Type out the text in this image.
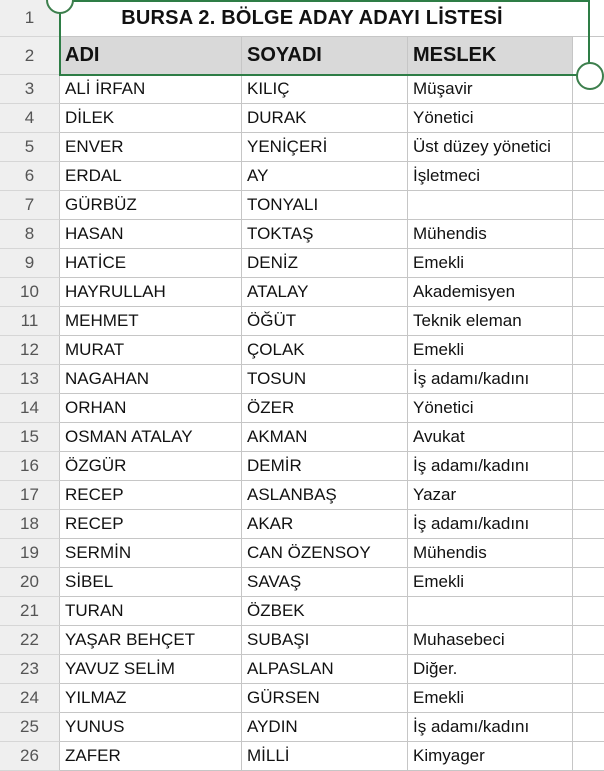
1	BURSA 2. BÖLGE ADAY ADAYI LİSTESİ
2	ADI	SOYADI	MESLEK
3	ALİ İRFAN	KILIÇ	Müşavir
4	DİLEK	DURAK	Yönetici
5	ENVER	YENİÇERİ	Üst düzey yönetici
6	ERDAL	AY	İşletmeci
7	GÜRBÜZ	TONYALI
8	HASAN	TOKTAŞ	Mühendis
9	HATİCE	DENİZ	Emekli
10	HAYRULLAH	ATALAY	Akademisyen
11	MEHMET	ÖĞÜT	Teknik eleman
12	MURAT	ÇOLAK	Emekli
13	NAGAHAN	TOSUN	İş adamı/kadını
14	ORHAN	ÖZER	Yönetici
15	OSMAN ATALAY	AKMAN	Avukat
16	ÖZGÜR	DEMİR	İş adamı/kadını
17	RECEP	ASLANBAŞ	Yazar
18	RECEP	AKAR	İş adamı/kadını
19	SERMİN	CAN ÖZENSOY	Mühendis
20	SİBEL	SAVAŞ	Emekli
21	TURAN	ÖZBEK
22	YAŞAR BEHÇET	SUBAŞI	Muhasebeci
23	YAVUZ SELİM	ALPASLAN	Diğer.
24	YILMAZ	GÜRSEN	Emekli
25	YUNUS	AYDIN	İş adamı/kadını
26	ZAFER	MİLLİ	Kimyager
